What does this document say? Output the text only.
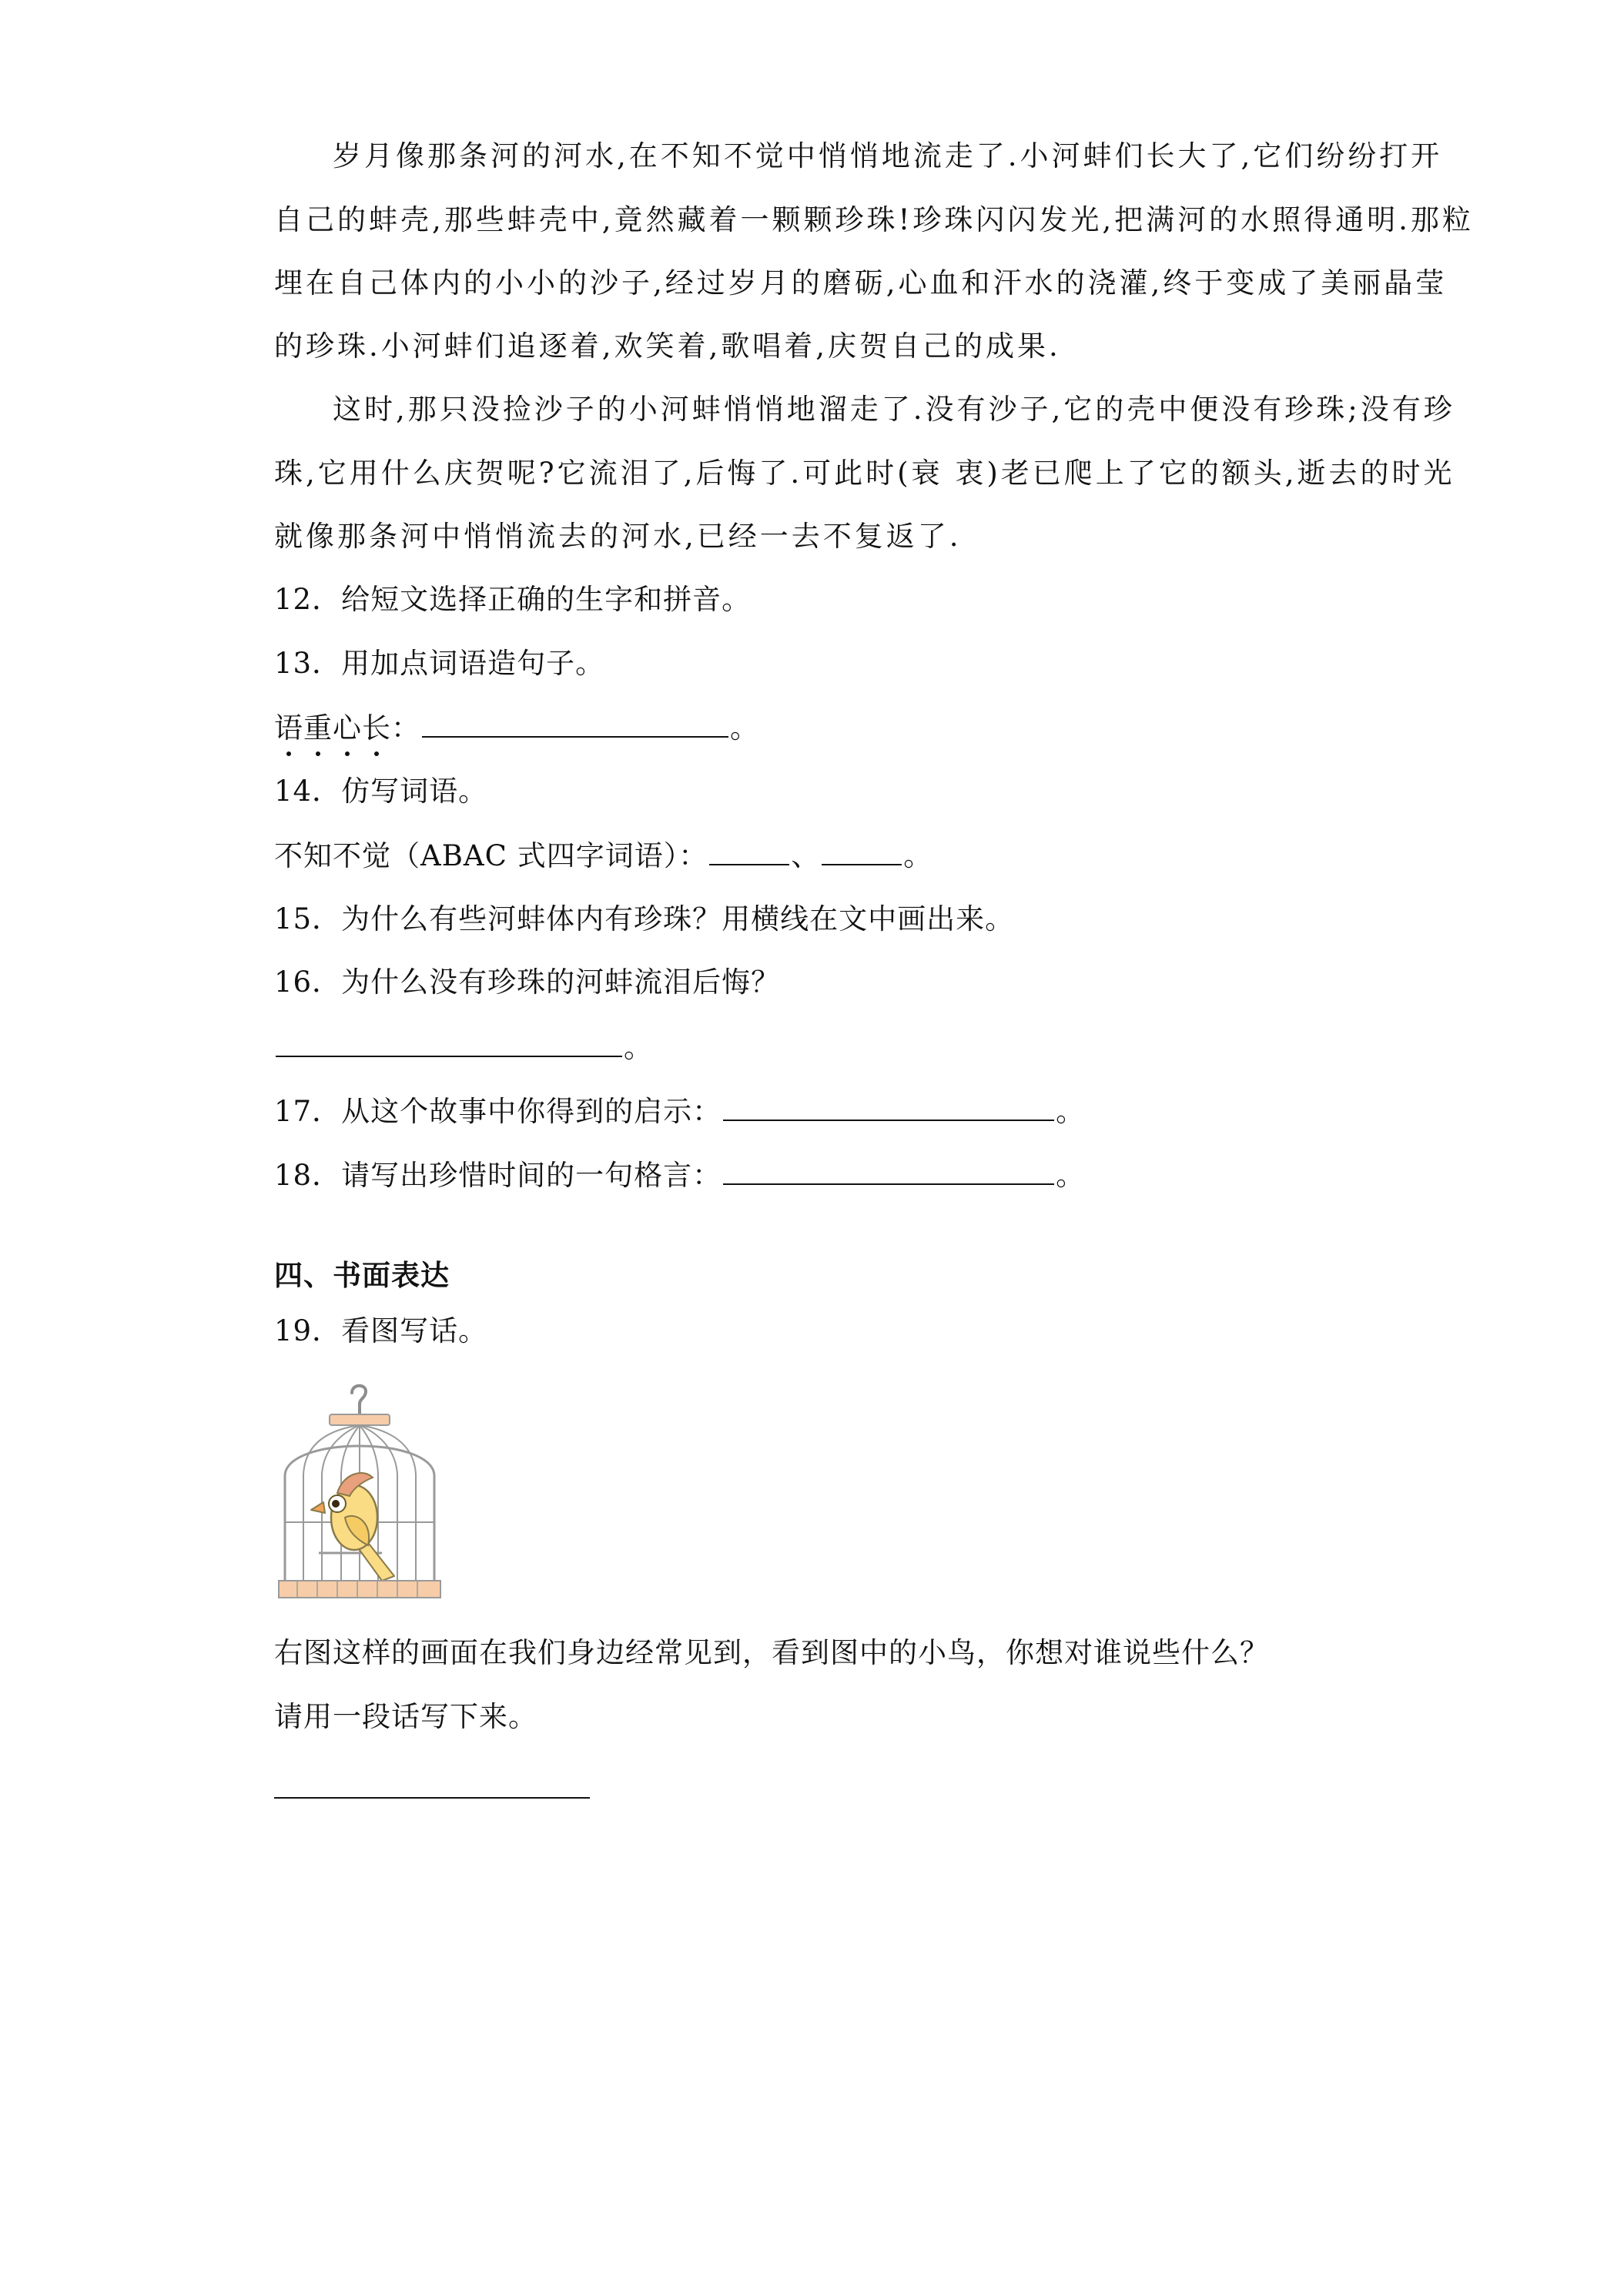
岁月像那条河的河水,在不知不觉中悄悄地流走了.小河蚌们长大了,它们纷纷打开
自己的蚌壳,那些蚌壳中,竟然藏着一颗颗珍珠!珍珠闪闪发光,把满河的水照得通明.那粒
埋在自己体内的小小的沙子,经过岁月的磨砺,心血和汗水的浇灌,终于变成了美丽晶莹
的珍珠.小河蚌们追逐着,欢笑着,歌唱着,庆贺自己的成果.
这时,那只没捡沙子的小河蚌悄悄地溜走了.没有沙子,它的壳中便没有珍珠;没有珍
珠,它用什么庆贺呢?它流泪了,后悔了.可此时(衰 衷)老已爬上了它的额头,逝去的时光
就像那条河中悄悄流去的河水,已经一去不复返了.
12．给短文选择正确的生字和拼音。
13．用加点词语造句子。
语重心长：	。
14．仿写词语。
不知不觉（ABAC 式四字词语）：	、	。
15．为什么有些河蚌体内有珍珠？用横线在文中画出来。
16．为什么没有珍珠的河蚌流泪后悔？
。
17．从这个故事中你得到的启示：	。
18．请写出珍惜时间的一句格言：	。
四、书面表达
19．看图写话。
右图这样的画面在我们身边经常见到，看到图中的小鸟，你想对谁说些什么？
请用一段话写下来。
